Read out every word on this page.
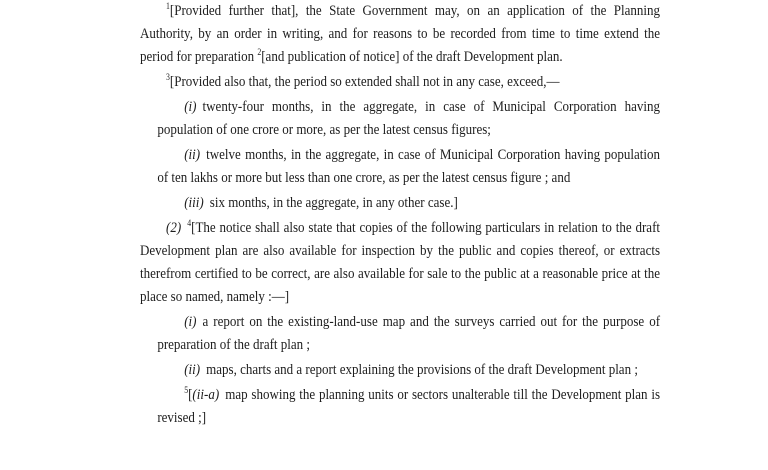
$^1$[Provided further that], the State Government may, on an application of the Planning Authority, by an order in writing, and for reasons to be recorded from time to time extend the period for preparation $^2$[and publication of notice] of the draft Development plan.

$^3$[Provided also that, the period so extended shall not in any case, exceed,—

(i) twenty-four months, in the aggregate, in case of Municipal Corporation having population of one crore or more, as per the latest census figures;

(ii) twelve months, in the aggregate, in case of Municipal Corporation having population of ten lakhs or more but less than one crore, as per the latest census figure ; and

(iii) six months, in the aggregate, in any other case.]

(2) $^4$[The notice shall also state that copies of the following particulars in relation to the draft Development plan are also available for inspection by the public and copies thereof, or extracts therefrom certified to be correct, are also available for sale to the public at a reasonable price at the place so named, namely :—]

(i) a report on the existing-land-use map and the surveys carried out for the purpose of preparation of the draft plan ;

(ii) maps, charts and a report explaining the provisions of the draft Development plan ;

$^5$[(ii-a) map showing the planning units or sectors unalterable till the Development plan is revised ;]
